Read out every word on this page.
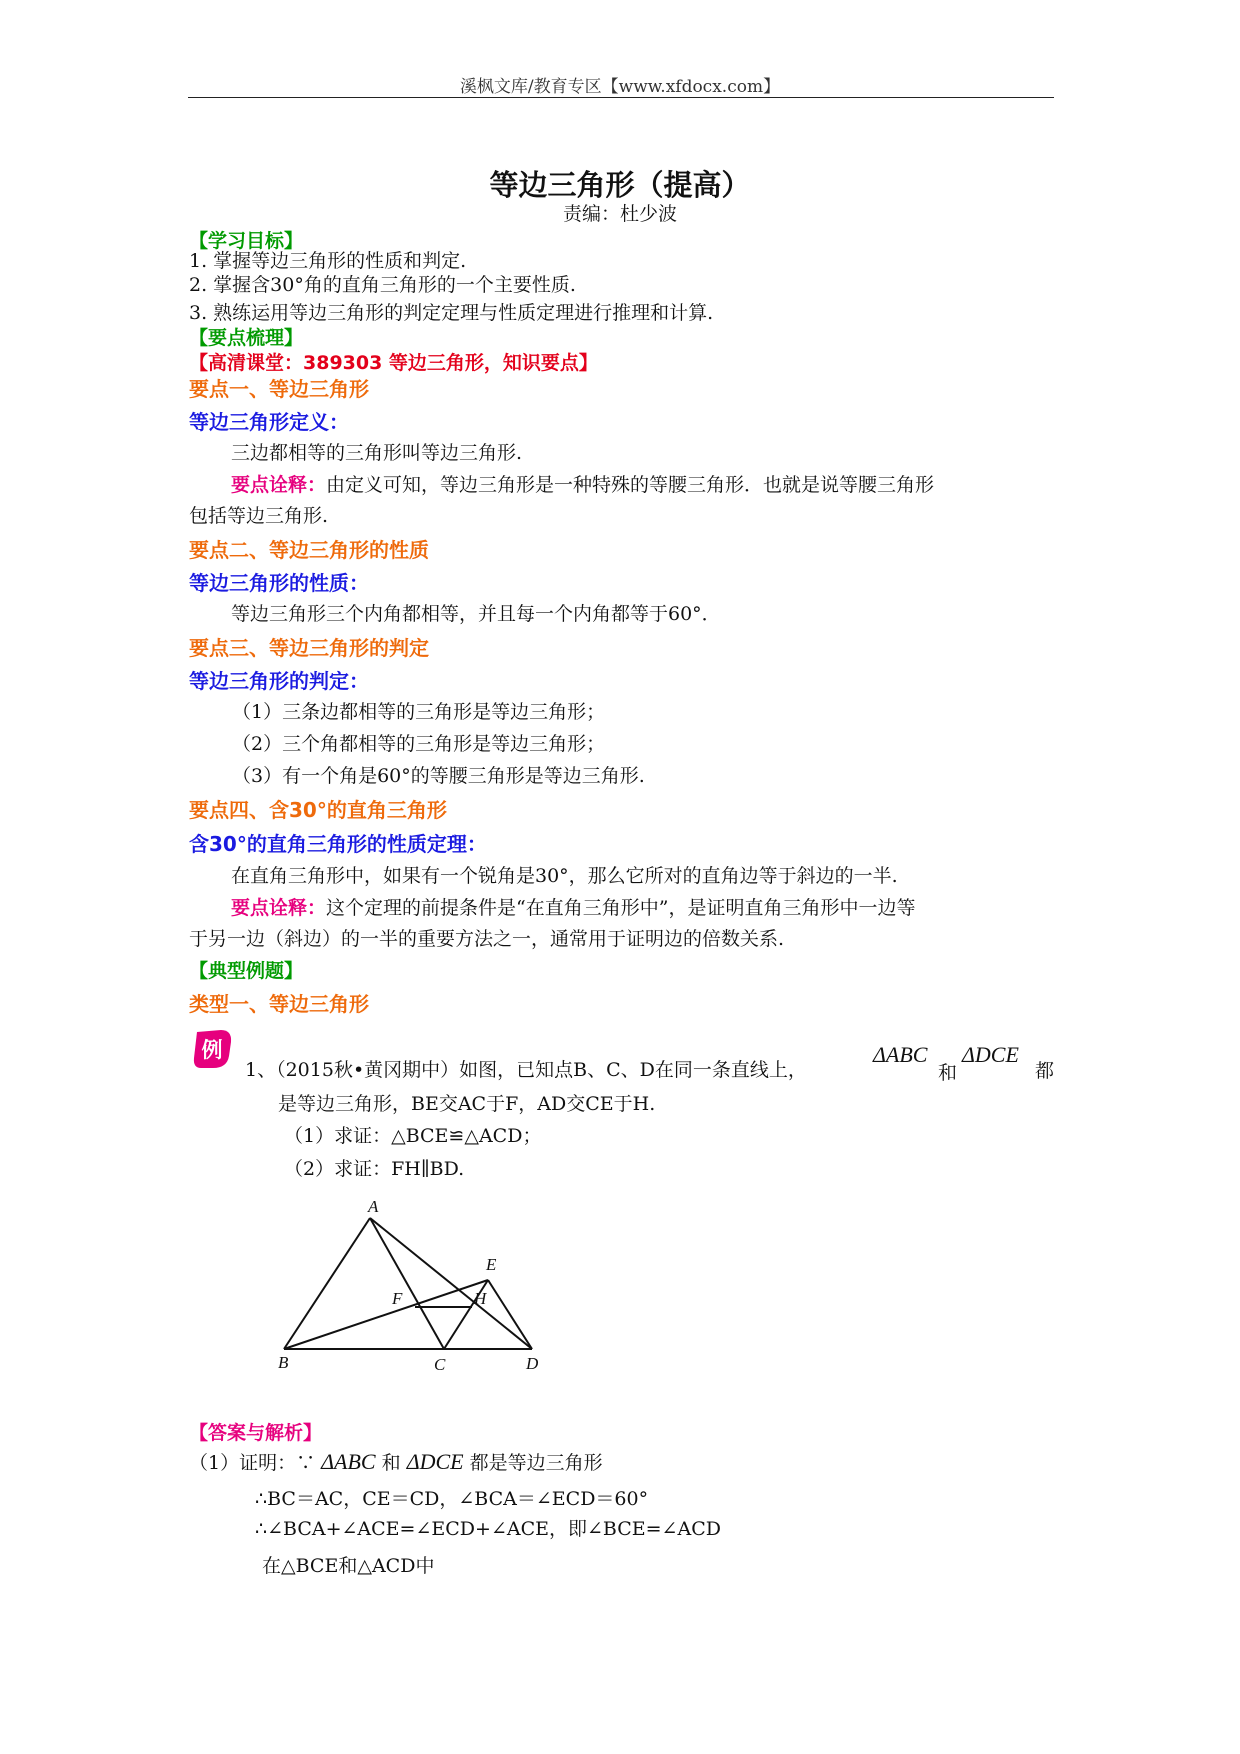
溪枫文库/教育专区【www.xfdocx.com】
等边三角形（提高）
责编：杜少波
【学习目标】
1. 掌握等边三角形的性质和判定.
2. 掌握含30°角的直角三角形的一个主要性质.
3. 熟练运用等边三角形的判定定理与性质定理进行推理和计算.
【要点梳理】
【高清课堂：389303 等边三角形，知识要点】
要点一、等边三角形
等边三角形定义：
三边都相等的三角形叫等边三角形.
要点诠释：由定义可知，等边三角形是一种特殊的等腰三角形．也就是说等腰三角形
包括等边三角形.
要点二、等边三角形的性质
等边三角形的性质：
等边三角形三个内角都相等，并且每一个内角都等于60°．
要点三、等边三角形的判定
等边三角形的判定：
（1）三条边都相等的三角形是等边三角形；
（2）三个角都相等的三角形是等边三角形；
（3）有一个角是60°的等腰三角形是等边三角形.
要点四、含30°的直角三角形
含30°的直角三角形的性质定理：
在直角三角形中，如果有一个锐角是30°，那么它所对的直角边等于斜边的一半.
要点诠释：这个定理的前提条件是“在直角三角形中”，是证明直角三角形中一边等
于另一边（斜边）的一半的重要方法之一，通常用于证明边的倍数关系.
【典型例题】
类型一、等边三角形
例
1、（2015秋•黄冈期中）如图，已知点B、C、D在同一条直线上，
ΔABC
和
ΔDCE
都
是等边三角形，BE交AC于F，AD交CE于H.
（1）求证：△BCE≌△ACD；
（2）求证：FH∥BD.
A
E
F	H
B	C	D
【答案与解析】
（1）证明：∵ ΔABC 和 ΔDCE 都是等边三角形
∴BC＝AC，CE＝CD，∠BCA＝∠ECD＝60°
∴∠BCA+∠ACE=∠ECD+∠ACE，即∠BCE=∠ACD
在△BCE和△ACD中
